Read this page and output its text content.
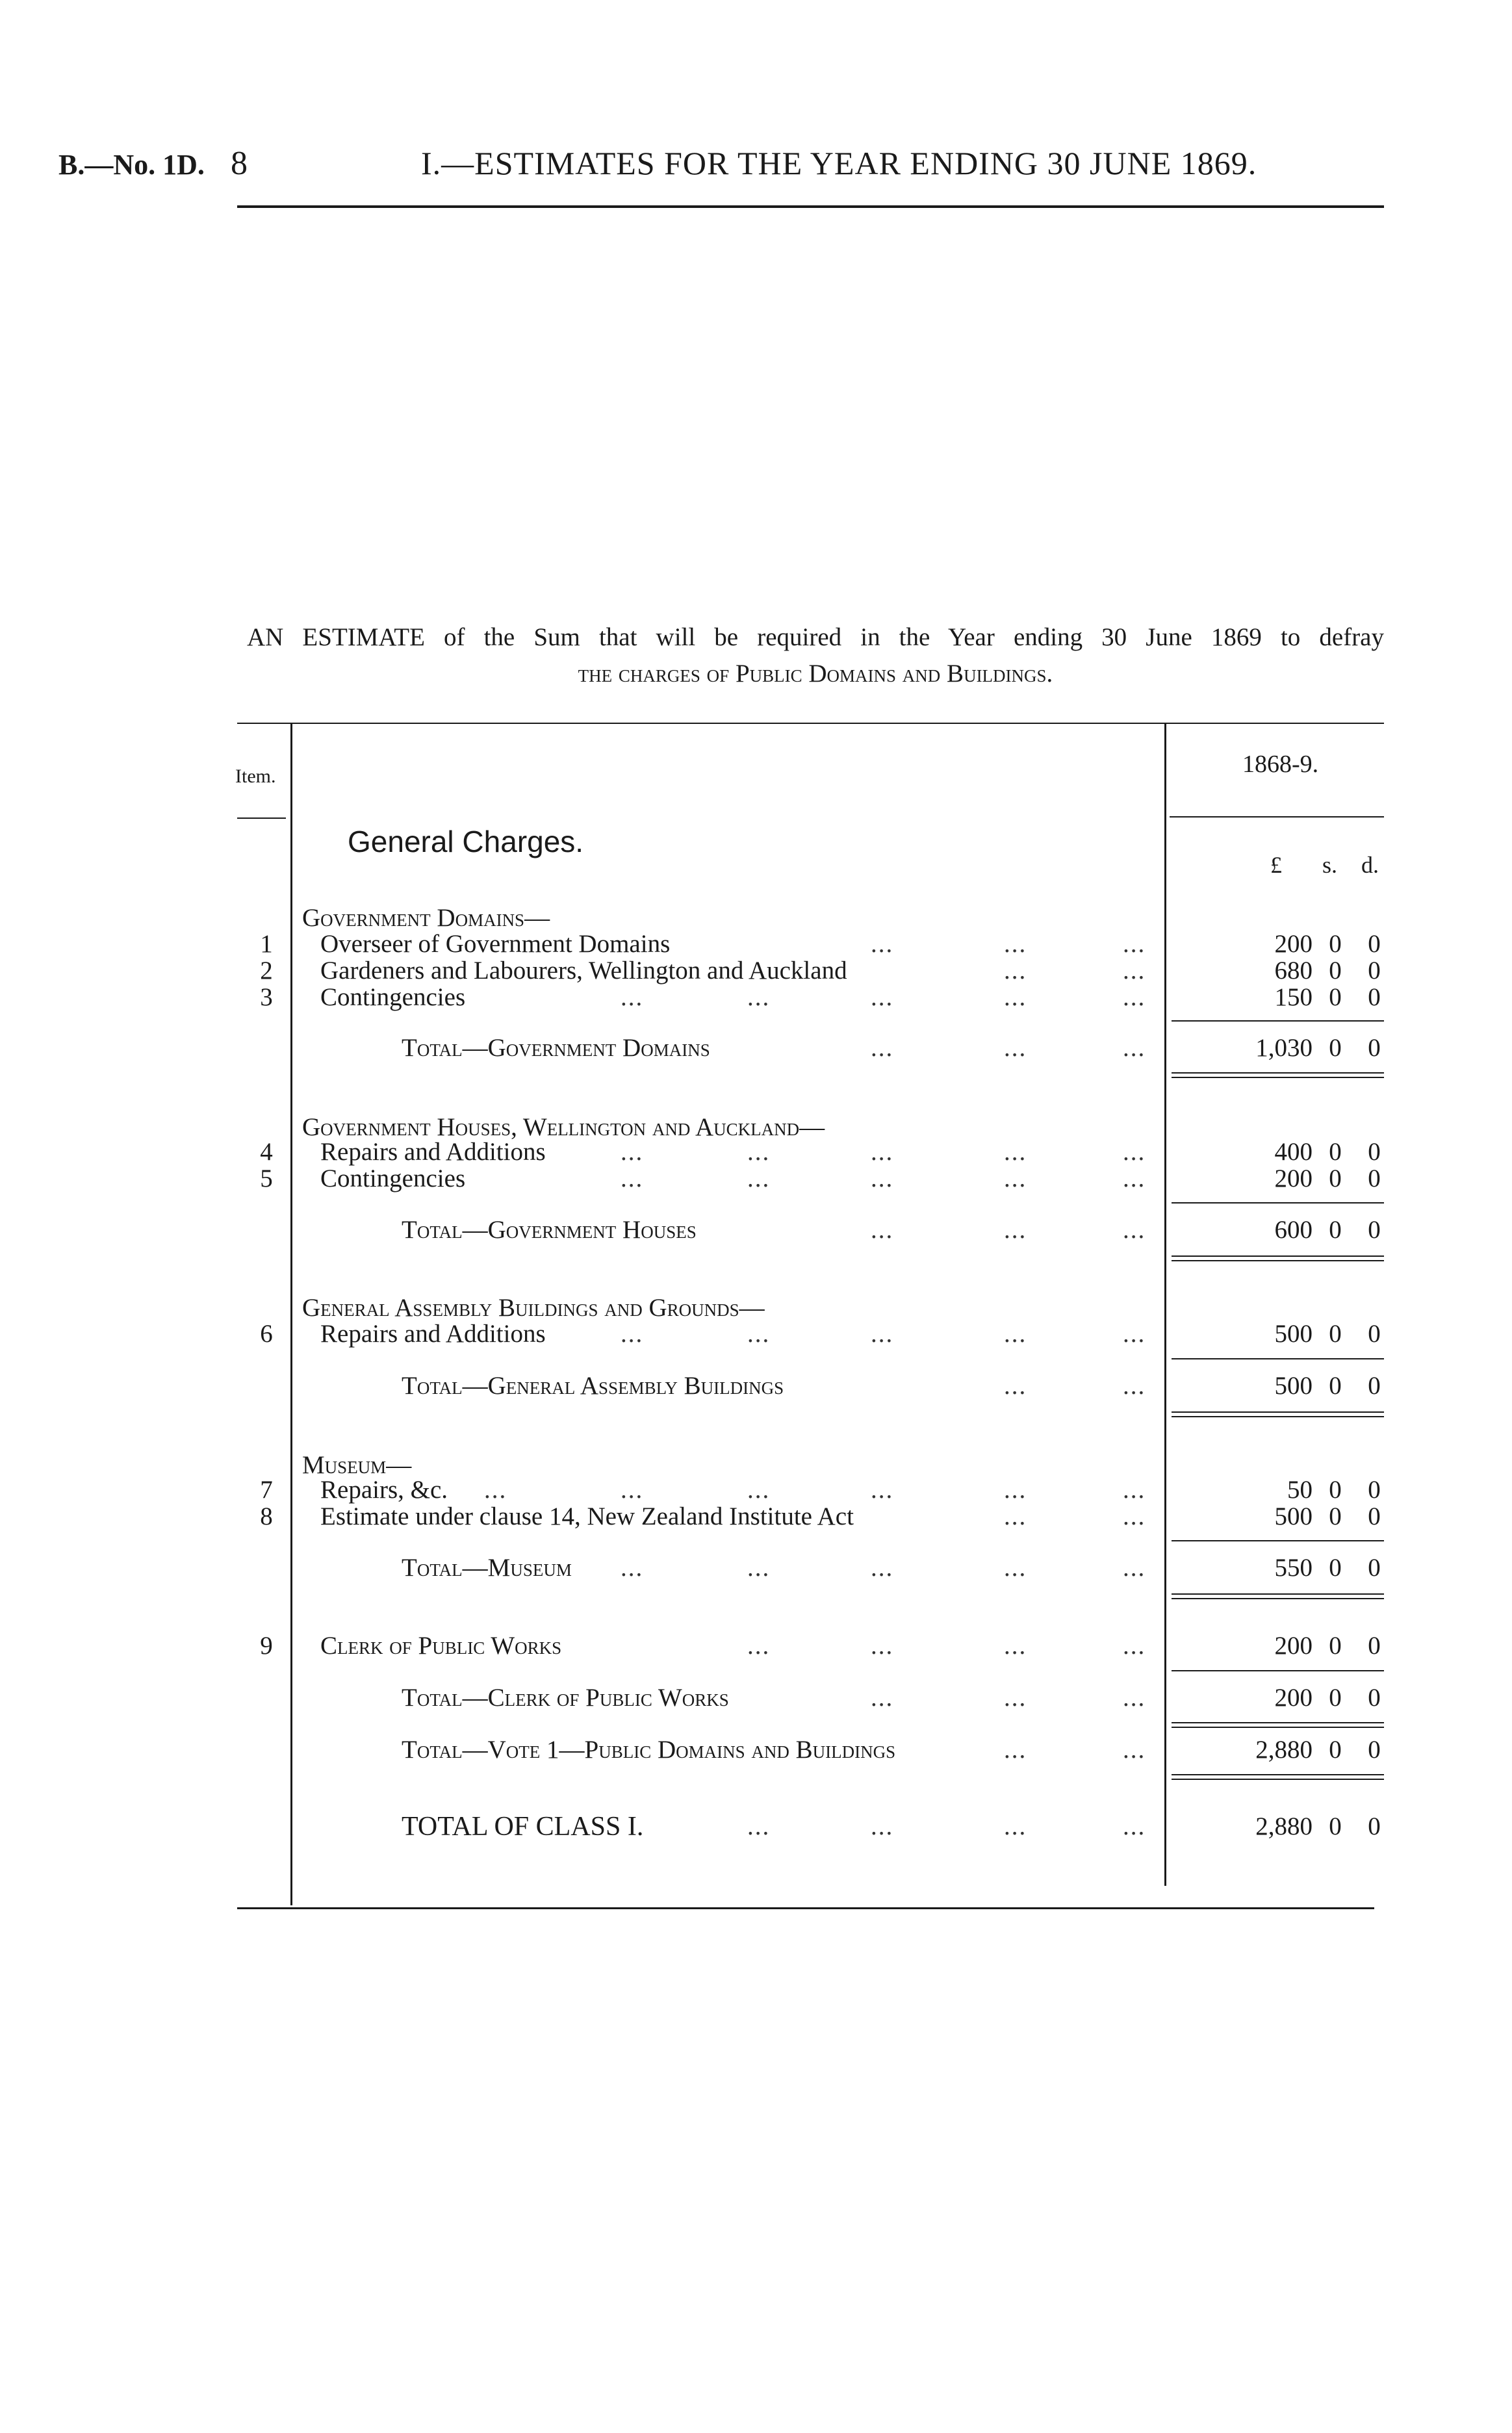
B.—No. 1D. 8	I.—ESTIMATES FOR THE YEAR ENDING 30 JUNE 1869.
AN ESTIMATE of the Sum that will be required in the Year ending 30 June 1869 to defray
the charges of Public Domains and Buildings.
Item.	1868-9.
General Charges.
£ s. d.
Government Domains—
1	Overseer of Government Domains	...	...	...	200 0 0
2	Gardeners and Labourers, Wellington and Auckland	...	...	680 0 0
3	Contingencies	...	...	...	...	...	150 0 0
Total—Government Domains	...	...	...	1,030 0 0
Government Houses, Wellington and Auckland—
4	Repairs and Additions	...	...	...	...	...	400 0 0
5	Contingencies	...	...	...	...	...	200 0 0
Total—Government Houses	...	...	...	600 0 0
General Assembly Buildings and Grounds—
6	Repairs and Additions	...	...	...	...	...	500 0 0
Total—General Assembly Buildings	...	...	500 0 0
Museum—
7	Repairs, &c. ...	...	...	...	...	...	50 0 0
8	Estimate under clause 14, New Zealand Institute Act	...	...	500 0 0
Total—Museum ...	...	...	...	...	550 0 0
9	Clerk of Public Works	...	...	...	...	200 0 0
Total—Clerk of Public Works	...	...	...	200 0 0
Total—Vote 1—Public Domains and Buildings	...	...	2,880 0 0
TOTAL OF CLASS I.	...	...	...	...	2,880 0 0
